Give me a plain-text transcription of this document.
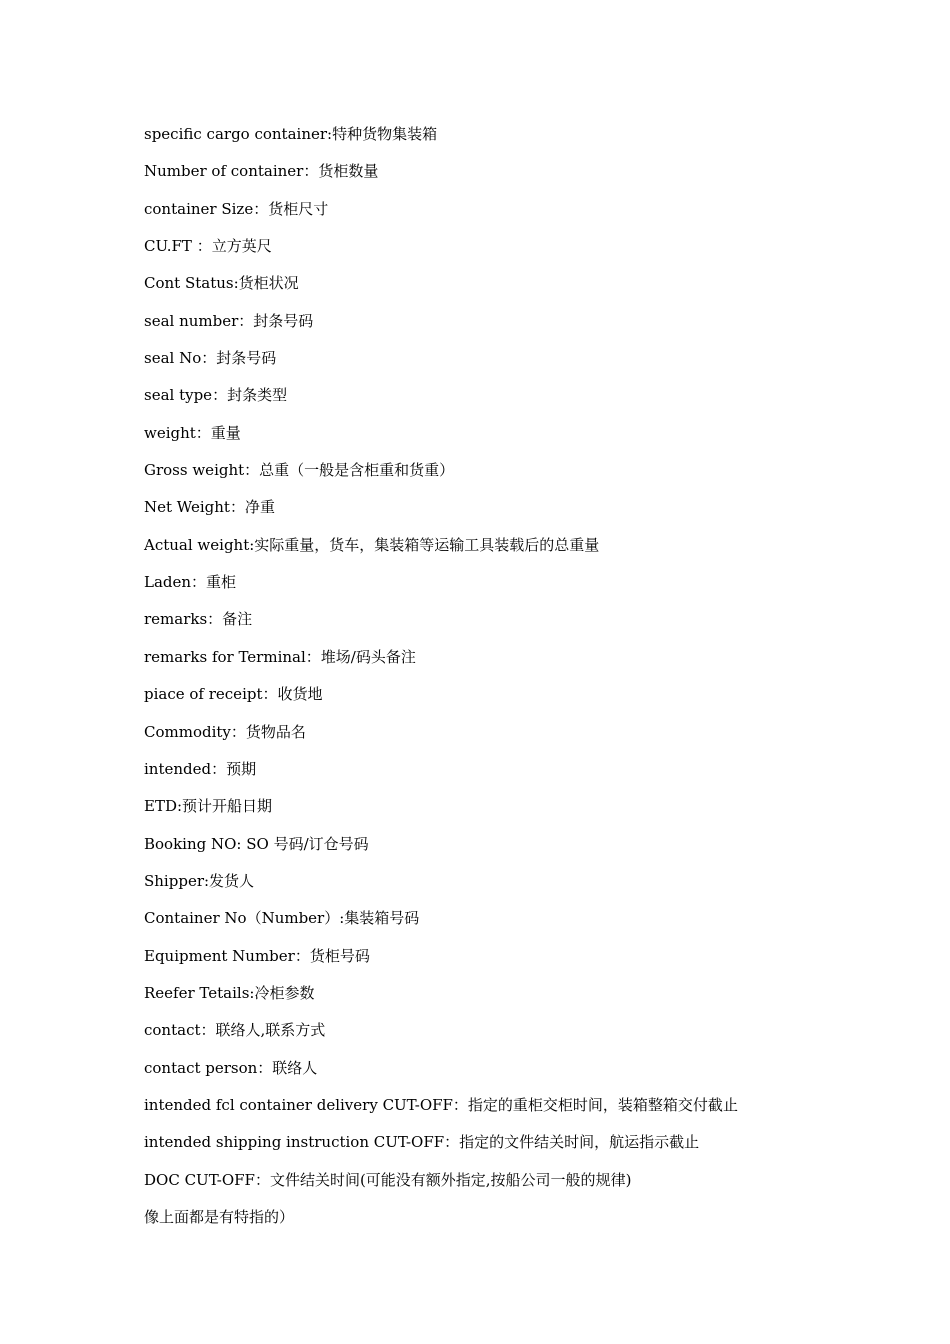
specific cargo container:特种货物集装箱
Number of container：货柜数量
container Size：货柜尺寸
CU.FT ：立方英尺
Cont Status:货柜状况
seal number：封条号码
seal No：封条号码
seal type：封条类型
weight：重量
Gross weight：总重（一般是含柜重和货重）
Net Weight：净重
Actual weight:实际重量，货车，集装箱等运输工具装载后的总重量
Laden：重柜
remarks：备注
remarks for Terminal：堆场/码头备注
piace of receipt：收货地
Commodity：货物品名
intended：预期
ETD:预计开船日期
Booking NO: SO 号码/订仓号码
Shipper:发货人
Container No（Number）:集装箱号码
Equipment Number：货柜号码
Reefer Tetails:冷柜参数
contact：联络人,联系方式
contact person：联络人
intended fcl container delivery CUT-OFF：指定的重柜交柜时间，装箱整箱交付截止
intended shipping instruction CUT-OFF：指定的文件结关时间，航运指示截止
DOC CUT-OFF：文件结关时间(可能没有额外指定,按船公司一般的规律)
像上面都是有特指的）
